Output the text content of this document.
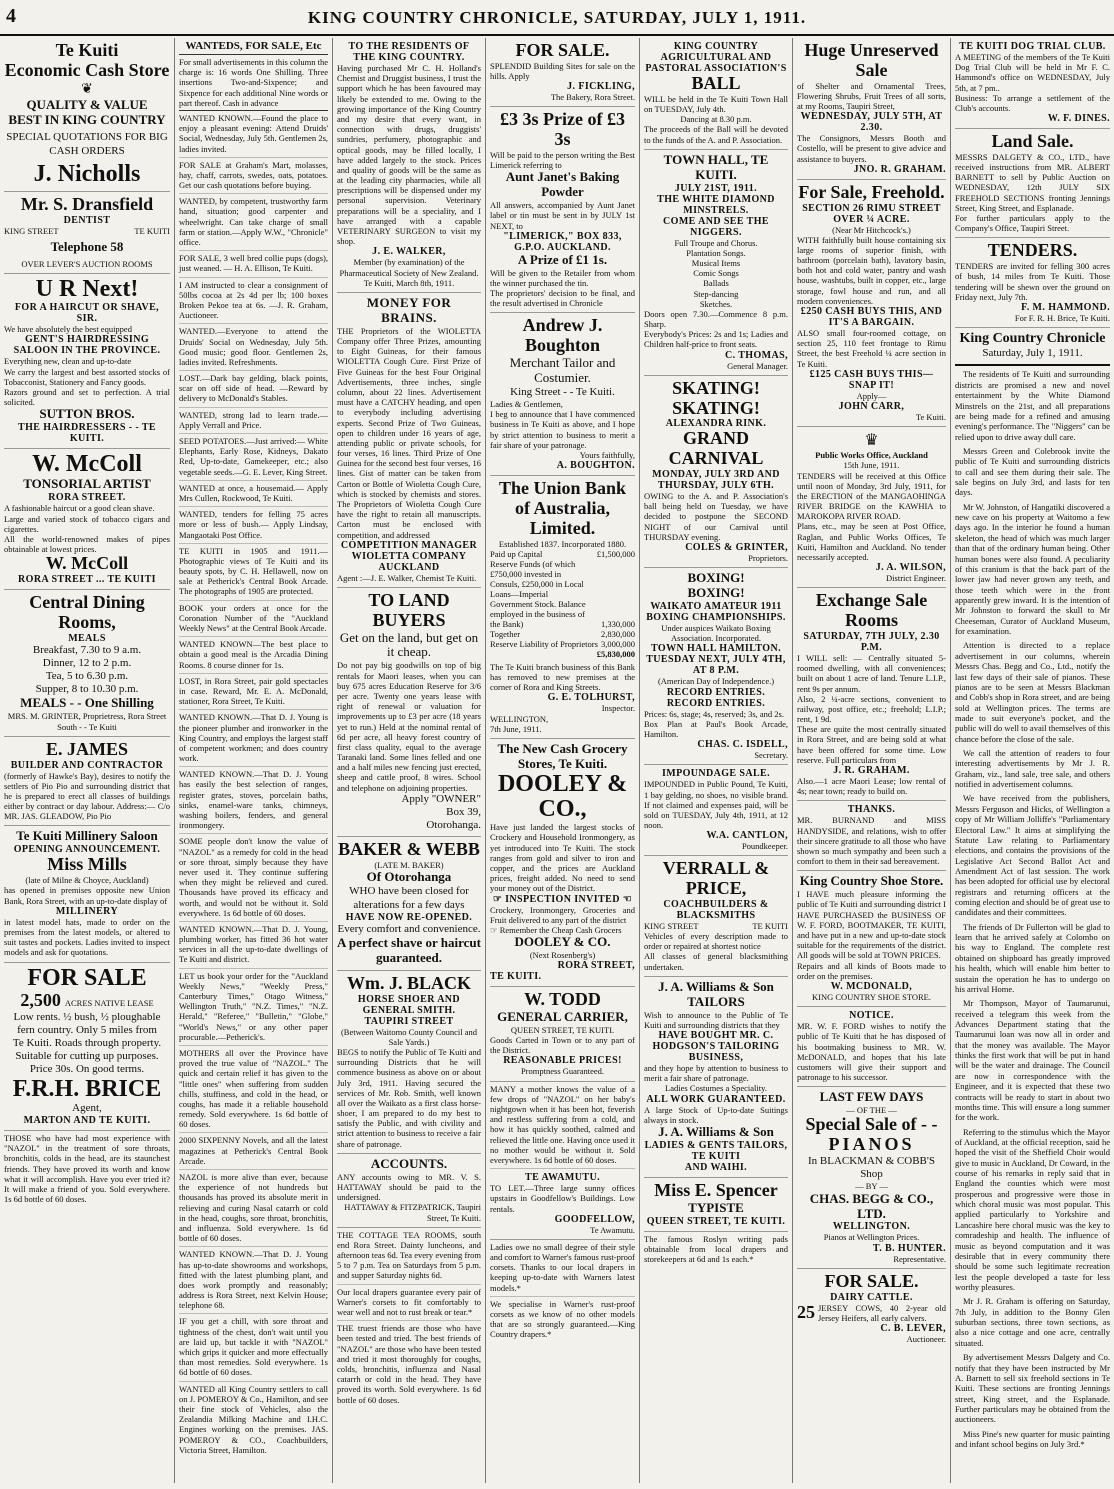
4	KING COUNTRY CHRONICLE, SATURDAY, JULY 1, 1911.
Te Kuiti
Economic Cash Store
❦
QUALITY & VALUE
BEST IN KING COUNTRY
SPECIAL QUOTATIONS FOR BIG CASH ORDERS
J. Nicholls
Mr. S. Dransfield
DENTIST
KING STREET	TE KUITI
Telephone 58
OVER LEVER'S AUCTION ROOMS
U R Next!
FOR A HAIRCUT OR SHAVE, SIR.
We have absolutely the best equipped
GENT'S HAIRDRESSING SALOON IN THE PROVINCE.
Everything new, clean and up-to-date
We carry the largest and best assorted stocks of Tobacconist, Stationery and Fancy goods.
Razors ground and set to perfection. A trial solicited.
SUTTON BROS.
THE HAIRDRESSERS - - TE KUITI.
W. McColl
TONSORIAL ARTIST
RORA STREET.
A fashionable haircut or a good clean shave.
Large and varied stock of tobacco cigars and cigarettes.
All the world-renowned makes of pipes obtainable at lowest prices.
W. McColl
RORA STREET ... TE KUITI
Central Dining Rooms,
MEALS
Breakfast, 7.30 to 9 a.m.
Dinner, 12 to 2 p.m.
Tea, 5 to 6.30 p.m.
Supper, 8 to 10.30 p.m.
MEALS - - One Shilling
MRS. M. GRINTER, Proprietress, Rora Street South - - Te Kuiti
E. JAMES
BUILDER AND CONTRACTOR
(formerly of Hawke's Bay), desires to notify the settlers of Pio Pio and surrounding district that he is prepared to erect all classes of buildings either by contract or day labour. Address:— C/o MR. JAS. GLEADOW, Pio Pio
Te Kuiti Millinery Saloon
OPENING ANNOUNCEMENT.
Miss Mills
(late of Milne & Choyce, Auckland)
has opened in premises opposite new Union Bank, Rora Street, with an up-to-date display of
MILLINERY
in latest model hats, made to order on the premises from the latest models, or altered to suit tastes and pockets. Ladies invited to inspect models and ask for quotations.
FOR SALE
2,500 ACRES NATIVE LEASE
Low rents. ½ bush, ½ ploughable
fern country. Only 5 miles from
Te Kuiti. Roads through property.
Suitable for cutting up purposes.
Price 30s. On good terms.
F.R.H. BRICE
Agent,
MARTON AND TE KUITI.
THOSE who have had most experience with "NAZOL" in the treatment of sore throats, bronchitis, colds in the head, are its staunchest friends. They have proved its worth and know what it will accomplish. Have you ever tried it? It will make a friend of you. Sold everywhere. 1s 6d bottle of 60 doses.
WANTEDS, FOR SALE, Etc
For small advertisements in this column the charge is: 16 words One Shilling. Three insertions Two-and-Sixpence; and Sixpence for each additional Nine words or part thereof. Cash in advance
WANTED KNOWN.—Found the place to enjoy a pleasant evening: Attend Druids' Social, Wednesday, July 5th. Gentlemen 2s, ladies invited.
FOR SALE at Graham's Mart, molasses, hay, chaff, carrots, swedes, oats, potatoes. Get our cash quotations before buying.
WANTED, by competent, trustworthy farm hand, situation; good carpenter and wheelwright. Can take charge of small farm or station.—Apply W.W., "Chronicle" office.
FOR SALE, 3 well bred collie pups (dogs), just weaned. — H. A. Ellison, Te Kuiti.
I AM instructed to clear a consignment of 50lbs cocoa at 2s 4d per lb; 100 boxes Broken Pekoe tea at 6s. —J. R. Graham, Auctioneer.
WANTED.—Everyone to attend the Druids' Social on Wednesday, July 5th. Good music; good floor. Gentlemen 2s, ladies invited. Refreshments.
LOST.—Dark bay gelding, black points, scar on off side of head. —Reward by delivery to McDonald's Stables.
WANTED, strong lad to learn trade.—Apply Verrall and Price.
SEED POTATOES.—Just arrived:— White Elephants, Early Rose, Kidneys, Dakato Red, Up-to-date, Gamekeeper, etc.; also vegetable seeds.—G. E. Lever, King Street.
WANTED at once, a housemaid.— Apply Mrs Cullen, Rockwood, Te Kuiti.
WANTED, tenders for felling 75 acres more or less of bush.— Apply Lindsay, Mangaotaki Post Office.
TE KUITI in 1905 and 1911.—Photographic views of Te Kuiti and its beauty spots, by C. H. Hellawell, now on sale at Petherick's Central Book Arcade. The photographs of 1905 are protected.
BOOK your orders at once for the Coronation Number of the "Auckland Weekly News" at the Central Book Arcade.
WANTED KNOWN—The best place to obtain a good meal is the Arcadia Dining Rooms. 8 course dinner for 1s.
LOST, in Rora Street, pair gold spectacles in case. Reward, Mr. E. A. McDonald, stationer, Rora Street, Te Kuiti.
WANTED KNOWN.—That D. J. Young is the pioneer plumber and ironworker in the King Country, and employs the largest staff of competent workmen; and does country work.
WANTED KNOWN.—That D. J. Young has easily the best selection of ranges, register grates, stoves, porcelain baths, sinks, enamel-ware tanks, chimneys, washing boilers, fenders, and general ironmongery.
SOME people don't know the value of "NAZOL" as a remedy for cold in the head or sore throat, simply because they have never used it. They continue suffering when they might be relieved and cured. Thousands have proved its efficacy and worth, and would not be without it. Sold everywhere. 1s 6d bottle of 60 doses.
WANTED KNOWN.—That D. J. Young, plumbing worker, has fitted 36 hot water services in all the up-to-date dwellings of Te Kuiti and district.
LET us book your order for the "Auckland Weekly News," "Weekly Press," Canterbury Times," Otago Witness," Wellington Truth," "N.Z. Times," "N.Z. Herald," "Referee," "Bulletin," "Globe," "World's News," or any other paper procurable.—Petherick's.
MOTHERS all over the Province have proved the true value of "NAZOL." The quick and certain relief it has given to the "little ones" when suffering from sudden chills, stuffiness, and cold in the head, or coughs, has made it a reliable household remedy. Sold everywhere. 1s 6d bottle of 60 doses.
2000 SIXPENNY Novels, and all the latest magazines at Petherick's Central Book Arcade.
NAZOL is more alive than ever, because the experience of not hundreds but thousands has proved its absolute merit in relieving and curing Nasal catarrh or cold in the head, coughs, sore throat, bronchitis, and influenza. Sold everywhere. 1s 6d bottle of 60 doses.
WANTED KNOWN.—That D. J. Young has up-to-date showrooms and workshops, fitted with the latest plumbing plant, and does work promptly and reasonably; address is Rora Street, next Kelvin House; telephone 68.
IF you get a chill, with sore throat and tightness of the chest, don't wait until you are laid up, but tackle it with "NAZOL" which grips it quicker and more effectually than most remedies. Sold everywhere. 1s 6d bottle of 60 doses.
WANTED all King Country settlers to call on J. POMEROY & Co., Hamilton, and see their fine stock of Vehicles, also the Zealandia Milking Machine and I.H.C. Engines working on the premises. JAS. POMEROY & CO., Coachbuilders, Victoria Street, Hamilton.
TO THE RESIDENTS OF THE KING COUNTRY.
Having purchased Mr C. H. Holland's Chemist and Druggist business, I trust the support which he has been favoured may likely be extended to me. Owing to the growing importance of the King Country and my desire that every want, in connection with drugs, druggists' sundries, perfumery, photographic and optical goods, may be filled locally, I have added largely to the stock. Prices and quality of goods will be the same as at the leading city pharmacies, while all prescriptions will be dispensed under my personal supervision. Veterinary preparations will be a speciality, and I have arranged with a capable VETERINARY SURGEON to visit my shop.
J. E. WALKER,
Member (by examination) of the Pharmaceutical Society of New Zealand. Te Kuiti, March 8th, 1911.
MONEY FOR BRAINS.
THE Proprietors of the WIOLETTA Company offer Three Prizes, amounting to Eight Guineas, for their famous WIOLETTA Cough Cure. First Prize of Five Guineas for the best Four Original Advertisements, three inches, single column, about 22 lines. Advertisement must have a CATCHY heading, and open to everybody including advertising experts. Second Prize of Two Guineas, open to children under 16 years of age, attending public or private schools, for four verses, 16 lines. Third Prize of One Guinea for the second best four verses, 16 lines. Gist of matter can be taken from Carton or Bottle of Wioletta Cough Cure, which is stocked by chemists and stores. The Proprietors of Wioletta Cough Cure have the right to retain all manuscripts. Carton must be enclosed with competition, and addressed
COMPETITION MANAGER WIOLETTA COMPANY AUCKLAND
Agent :—J. E. Walker, Chemist Te Kuiti.
TO LAND BUYERS
Get on the land, but get on it cheap.
Do not pay big goodwills on top of big rentals for Maori leases, when you can buy 675 acres Education Reserve for 3/6 per acre. Twenty one years lease with right of renewal or valuation for improvements up to £3 per acre (18 years yet to run.) Held at the nominal rental of 6d per acre, all heavy forest country of first class quality, equal to the average Taranaki land. Some lines felled and one and a half miles new fencing just erected, sheep and cattle proof, 8 wires. School and telephone on adjoining properties.
Apply "OWNER"
Box 39,
Otorohanga.
BAKER & WEBB
(LATE M. BAKER)
Of Otorohanga
WHO have been closed for alterations for a few days
HAVE NOW RE-OPENED.
Every comfort and convenience.
A perfect shave or haircut guaranteed.
Wm. J. BLACK
HORSE SHOER AND GENERAL SMITH.
TAUPIRI STREET
(Between Waitomo County Council and Sale Yards.)
BEGS to notify the Public of Te Kuiti and surrounding Districts that he will commence business as above on or about July 3rd, 1911. Having secured the services of Mr. Rob. Smith, well known all over the Waikato as a first class horse-shoer, I am prepared to do my best to satisfy the Public, and with civility and strict attention to business to receive a fair share of patronage.
ACCOUNTS.
ANY accounts owing to MR. V. S. HATTAWAY should be paid to the undersigned.
HATTAWAY & FITZPATRICK, Taupiri Street, Te Kuiti.
THE COTTAGE TEA ROOMS, south end Rora Street. Dainty luncheons, and afternoon teas 6d. Tea every evening from 5 to 7 p.m. Tea on Saturdays from 5 p.m. and supper Saturday nights 6d.
Our local drapers guarantee every pair of Warner's corsets to fit comfortably to wear well and not to rust break or tear.*
THE truest friends are those who have been tested and tried. The best friends of "NAZOL" are those who have been tested and tried it most thoroughly for coughs, colds, bronchitis, influenza and Nasal catarrh or cold in the head. They have proved its worth. Sold everywhere. 1s 6d bottle of 60 doses.
FOR SALE.
SPLENDID Building Sites for sale on the hills. Apply
J. FICKLING,
The Bakery, Rora Street.
£3 3s Prize of £3 3s
Will be paid to the person writing the Best Limerick referring to
Aunt Janet's Baking Powder
All answers, accompanied by Aunt Janet label or tin must be sent in by JULY 1st NEXT, to
"LIMERICK," BOX 833, G.P.O. AUCKLAND.
A Prize of £1 1s.
Will be given to the Retailer from whom the winner purchased the tin.
The proprietors' decision to be final, and the result advertised in Chronicle
Andrew J. Boughton
Merchant Tailor and Costumier.
King Street - - Te Kuiti.
Ladies & Gentlemen,
I beg to announce that I have commenced business in Te Kuiti as above, and I hope by strict attention to business to merit a fair share of your patronage.
Yours faithfully,
A. BOUGHTON.
The Union Bank of Australia, Limited.
Established 1837. Incorporated 1880.
Paid up Capital	£1,500,000
Reserve Funds (of which £750,000 invested in Consuls, £250,000 in Local Loans—Imperial Government Stock. Balance employed in the business of the Bank)	1,330,000
Together	2,830,000
Reserve Liability of Proprietors 3,000,000
£5,830,000
The Te Kuiti branch business of this Bank has removed to new premises at the corner of Rora and King Streets.
G. E. TOLHURST,
Inspector.
WELLINGTON,
7th June, 1911.
The New Cash Grocery Stores, Te Kuiti.
DOOLEY & CO.,
Have just landed the largest stocks of Crockery and Household Ironmongery, as yet introduced into Te Kuiti. The stock ranges from gold and silver to iron and copper, and the prices are Auckland prices, freight added. No need to send your money out of the District.
☞ INSPECTION INVITED ☜
Crockery, Ironmongery, Groceries and Fruit delivered to any part of the district
☞ Remember the Cheap Cash Grocers
DOOLEY & CO.
(Next Rosenberg's)
RORA STREET,
TE KUITI.
W. TODD
GENERAL CARRIER,
QUEEN STREET, TE KUITI.
Goods Carted in Town or to any part of the District.
REASONABLE PRICES!
Promptness Guaranteed.
MANY a mother knows the value of a few drops of "NAZOL" on her baby's nightgown when it has been hot, feverish and restless suffering from a cold, and how it has quickly soothed, calmed and relieved the little one. Having once used it no mother would be without it. Sold everywhere. 1s 6d bottle of 60 doses.
TE AWAMUTU.
TO LET.—Three large sunny offices upstairs in Goodfellow's Buildings. Low rentals.
GOODFELLOW,
Te Awamutu.
Ladies owe no small degree of their style and comfort to Warner's famous rust-proof corsets. Thanks to our local drapers in keeping up-to-date with Warners latest models.*
We specialise in Warner's rust-proof corsets as we know of no other models that are so strongly guaranteed.—King Country drapers.*
KING COUNTRY AGRICULTURAL AND PASTORAL ASSOCIATION'S
BALL
WILL be held in the Te Kuiti Town Hall on TUESDAY, July 4th.
Dancing at 8.30 p.m.
The proceeds of the Ball will be devoted to the funds of the A. and P. Association.
TOWN HALL, TE KUITI.
JULY 21ST, 1911.
THE WHITE DIAMOND MINSTRELS.
COME AND SEE THE NIGGERS.
Full Troupe and Chorus.
Plantation Songs.
Musical Items
Comic Songs
Ballads
Step-dancing
Sketches.
Doors open 7.30.—Commence 8 p.m. Sharp.
Everybody's Prices: 2s and 1s; Ladies and Children half-price to front seats.
C. THOMAS,
General Manager.
SKATING! SKATING!
ALEXANDRA RINK.
GRAND CARNIVAL
MONDAY, JULY 3RD AND THURSDAY, JULY 6TH.
OWING to the A. and P. Association's ball being held on Tuesday, we have decided to postpone the SECOND NIGHT of our Carnival until THURSDAY evening.
COLES & GRINTER,
Proprietors.
BOXING!
BOXING!
WAIKATO AMATEUR 1911 BOXING CHAMPIONSHIPS.
Under auspices Waikato Boxing Association. Incorporated.
TOWN HALL HAMILTON.
TUESDAY NEXT, JULY 4TH, AT 8 P.M.
(American Day of Independence.)
RECORD ENTRIES.
RECORD ENTRIES.
Prices: 6s, stage; 4s, reserved; 3s, and 2s.
Box Plan at Paul's Book Arcade, Hamilton.
CHAS. C. ISDELL,
Secretary.
IMPOUNDAGE SALE.
IMPOUNDED in Public Pound, Te Kuiti, 1 bay gelding, no shoes, no visible brand. If not claimed and expenses paid, will be sold on TUESDAY, July 4th, 1911, at 12 noon.
W.A. CANTLON,
Poundkeeper.
VERRALL & PRICE,
COACHBUILDERS & BLACKSMITHS
KING STREET	TE KUITI
Vehicles of every description made to order or repaired at shortest notice
All classes of general blacksmithing undertaken.
J. A. Williams & Son
TAILORS
Wish to announce to the Public of Te Kuiti and surrounding districts that they
HAVE BOUGHT MR. C. HODGSON'S TAILORING BUSINESS,
and they hope by attention to business to merit a fair share of patronage.
Ladies Costumes a Speciality.
ALL WORK GUARANTEED.
A large Stock of Up-to-date Suitings always in stock.
J. A. Williams & Son
LADIES & GENTS TAILORS,
TE KUITI
AND WAIHI.
Miss E. Spencer
TYPISTE
QUEEN STREET, TE KUITI.
The famous Roslyn writing pads obtainable from local drapers and storekeepers at 6d and 1s each.*
Huge Unreserved Sale
of Shelter and Ornamental Trees, Flowering Shrubs, Fruit Trees of all sorts, at my Rooms, Taupiri Street,
WEDNESDAY, JULY 5TH, AT 2.30.
The Consignors, Messrs Booth and Costello, will be present to give advice and assistance to buyers.
JNO. R. GRAHAM.
For Sale, Freehold.
SECTION 26 RIMU STREET
OVER ¼ ACRE.
(Near Mr Hitchcock's.)
WITH faithfully built house containing six large rooms of superior finish, with bathroom (porcelain bath), lavatory basin, both hot and cold water, pantry and wash house, washtubs, built in copper, etc., large storage, fowl house and run, and all modern conveniences.
£250 CASH BUYS THIS, AND IT'S A BARGAIN.
ALSO small four-roomed cottage, on section 25, 110 feet frontage to Rimu Street, the best Freehold ¼ acre section in Te Kuiti.
£125 CASH BUYS THIS—SNAP IT!
Apply—
JOHN CARR,
Te Kuiti.
♛
Public Works Office, Auckland
15th June, 1911.
TENDERS will be received at this Office until noon of Monday, 3rd July, 1911, for the ERECTION of the MANGAOHINGA RIVER BRIDGE on the KAWHIA to MAROKOPA RIVER ROAD.
Plans, etc., may be seen at Post Office, Raglan, and Public Works Offices, Te Kuiti, Hamilton and Auckland. No tender necessarily accepted.
J. A. WILSON,
District Engineer.
Exchange Sale Rooms
SATURDAY, 7TH JULY, 2.30 P.M.
I WILL sell: — Centrally situated 5-roomed dwelling, with all conveniences; built on about 1 acre of land. Tenure L.I.P., rent 9s per annum.
Also, 2 ¼-acre sections, convenient to railway, post office, etc.; freehold; L.I.P.; rent, 1 9d.
These are quite the most centrally situated in Rora Street, and are being sold at what have been offered for some time. Low reserve. Full particulars from
J. R. GRAHAM.
Also.—1 acre Maori Lease; low rental of 4s; near town; ready to build on.
THANKS.
MR. BURNAND and MISS HANDYSIDE, and relations, wish to offer their sincere gratitude to all those who have shown so much sympathy and been such a comfort to them in their sad bereavement.
King Country Shoe Store.
I HAVE much pleasure informing the public of Te Kuiti and surrounding district I HAVE PURCHASED the BUSINESS OF W. F. FORD, BOOTMAKER, TE KUITI, and have put in a new and up-to-date stock suitable for the requirements of the district. All goods will be sold at TOWN PRICES.
Repairs and all kinds of Boots made to order on the premises.
W. MCDONALD,
KING COUNTRY SHOE STORE.
NOTICE.
MR. W. F. FORD wishes to notify the public of Te Kuiti that he has disposed of his bootmaking business to MR. W. McDONALD, and hopes that his late customers will give their support and patronage to his successor.
LAST FEW DAYS
— OF THE —
Special Sale of - -
PIANOS
In BLACKMAN & COBB'S Shop
— BY —
CHAS. BEGG & CO., LTD.
WELLINGTON.
Pianos at Wellington Prices.
T. B. HUNTER.
Representative.
FOR SALE.
DAIRY CATTLE.
25 JERSEY COWS, 40 2-year old Jersey Heifers, all early calvers.
C. B. LEVER,
Auctioneer.
TE KUITI DOG TRIAL CLUB.
A MEETING of the members of the Te Kuiti Dog Trial Club will be held in Mr F. C. Hammond's office on WEDNESDAY, July 5th, at 7 pm..
Business: To arrange a settlement of the Club's accounts.
W. F. DINES.
Land Sale.
MESSRS DALGETY & CO., LTD., have received instructions from MR. ALBERT BARNETT to sell by Public Auction on WEDNESDAY, 12th JULY SIX FREEHOLD SECTIONS fronting Jennings Street, King Street, and Esplanade.
For further particulars apply to the Company's Office, Taupiri Street.
TENDERS.
TENDERS are invited for felling 300 acres of bush, 14 miles from Te Kuiti. Those tendering will be shewn over the ground on Friday next, July 7th.
F. M. HAMMOND.
For F. R. H. Brice, Te Kuiti.
King Country Chronicle
Saturday, July 1, 1911.

The residents of Te Kuiti and surrounding districts are promised a new and novel entertainment by the White Diamond Minstrels on the 21st, and all preparations are being made for a refined and amusing evening's performance. The "Niggers" can be relied upon to drive away dull care.

Messrs Green and Colebrook invite the public of Te Kuiti and surrounding districts to call and see them during their sale. The sale begins on July 3rd, and lasts for ten days.

Mr W. Johnston, of Hangatiki discovered a new cave on his property at Waitomo a few days ago. In the interior he found a human skeleton, the head of which was much larger than that of the ordinary human being. Other human bones were also found. A peculiarity of this cranium is that the back part of the lower jaw had never grown any teeth, and those teeth which were in the front apparently grew inward. It is the intention of Mr Johnston to forward the skull to Mr Cheeseman, Curator of Auckland Museum, for examination.

Attention is directed to a replace advertisement in our columns, wherein Messrs Chas. Begg and Co., Ltd., notify the last few days of their sale of pianos. These pianos are to be seen at Messrs Blackman and Cobb's shop in Rora street, and are being sold at Wellington prices. The terms are made to suit everyone's pocket, and the public will do well to avail themselves of this chance before the close of the sale.

We call the attention of readers to four interesting advertisements by Mr J. R. Graham, viz., land sale, tree sale, and others notified in advertisement columns.

We have received from the publishers, Messrs Ferguson and Hicks, of Wellington a copy of Mr William Jolliffe's "Parliamentary Electoral Law." It aims at simplifying the Statute Law relating to Parliamentary elections, and contains the provisions of the Legislative Act Second Ballot Act and Amendment Act of last session. The work has been adopted for official use by electoral registrars and returning officers at the coming election and should be of great use to candidates and their committees.

The friends of Dr Fullerton will be glad to learn that he arrived safely at Colombo on his way to England. The complete rest obtained on shipboard has greatly improved his health, which will enable him better to sustain the operation he has to undergo on his arrival Home.

Mr Thompson, Mayor of Taumarunui, received a telegram this week from the Advances Department stating that the Taumarunui loan was now all in order and that the money was available. The Mayor thinks the first work that will be put in hand will be the water and drainage. The Council are now in correspondence with the Engineer, and it is expected that these two contracts will be ready to start in about two months time. This will ensure a long summer for the work.

Referring to the stimulus which the Mayor of Auckland, at the official reception, said he hoped the visit of the Sheffield Choir would give to music in Auckland, Dr Coward, in the course of his remarks in reply said that in England the counties which were most prosperous and progressive were those in which choral music was most popular. This applied particularly to Yorkshire and Lancashire here choral music was the key to comradeship and health. The influence of music as beyond computation and it was desirable that in every community there should be some such legitimate recreation lest the people developed a taste for less worthy pleasures.

Mr J. R. Graham is offering on Saturday, 7th July, in addition to the Bonny Glen suburban sections, three town sections, as also a nice cottage and one acre, centrally situated.

By advertisement Messrs Dalgety and Co. notify that they have been instructed by Mr A. Barnett to sell six freehold sections in Te Kuiti. These sections are fronting Jennings street, King street, and the Esplanade. Further particulars may be obtained from the auctioneers.

Miss Pine's new quarter for music painting and infant school begins on July 3rd.*
